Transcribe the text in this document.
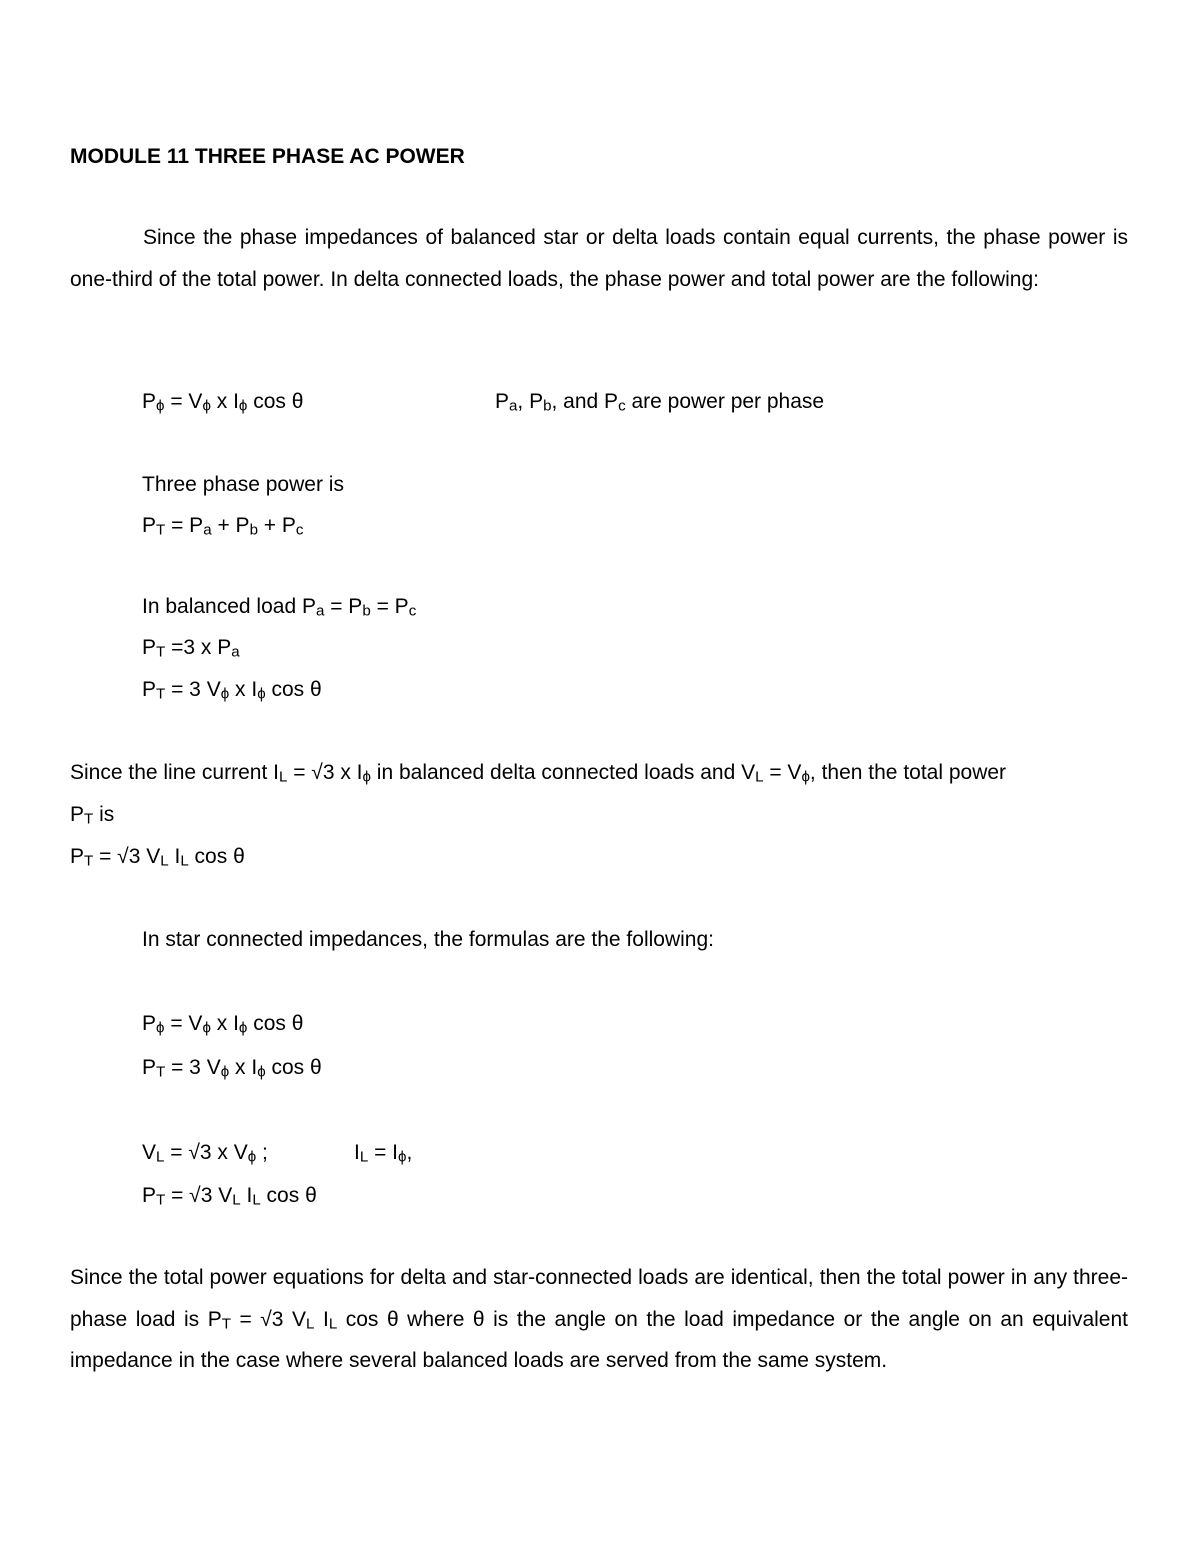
MODULE 11 THREE PHASE AC POWER

Since the phase impedances of balanced star or delta loads contain equal currents, the phase power is one-third of the total power. In delta connected loads, the phase power and total power are the following:

$P_\phi = V_\phi$ x $I_\phi$ cos θ	$P_a$, $P_b$, and $P_c$ are power per phase
Three phase power is
$P_T = P_a + P_b + P_c$
In balanced load $P_a = P_b = P_c$
$P_T =3$ x $P_a$
$P_T = 3$ $V_\phi$ x $I_\phi$ cos θ
Since the line current $I_L = √3$ x $I_\phi$ in balanced delta connected loads and $V_L = V_\phi$, then the total power
$P_T$ is
$P_T = √3$ $V_L$ $I_L$ cos θ
In star connected impedances, the formulas are the following:
$P_\phi = V_\phi$ x $I_\phi$ cos θ
$P_T = 3$ $V_\phi$ x $I_\phi$ cos θ
$V_L = √3$ x $V_\phi$ ;	$I_L = I_\phi$,
$P_T = √3$ $V_L$ $I_L$ cos θ

Since the total power equations for delta and star-connected loads are identical, then the total power in any three-phase load is $P_T = √3$ $V_L$ $I_L$ cos θ where θ is the angle on the load impedance or the angle on an equivalent impedance in the case where several balanced loads are served from the same system.
